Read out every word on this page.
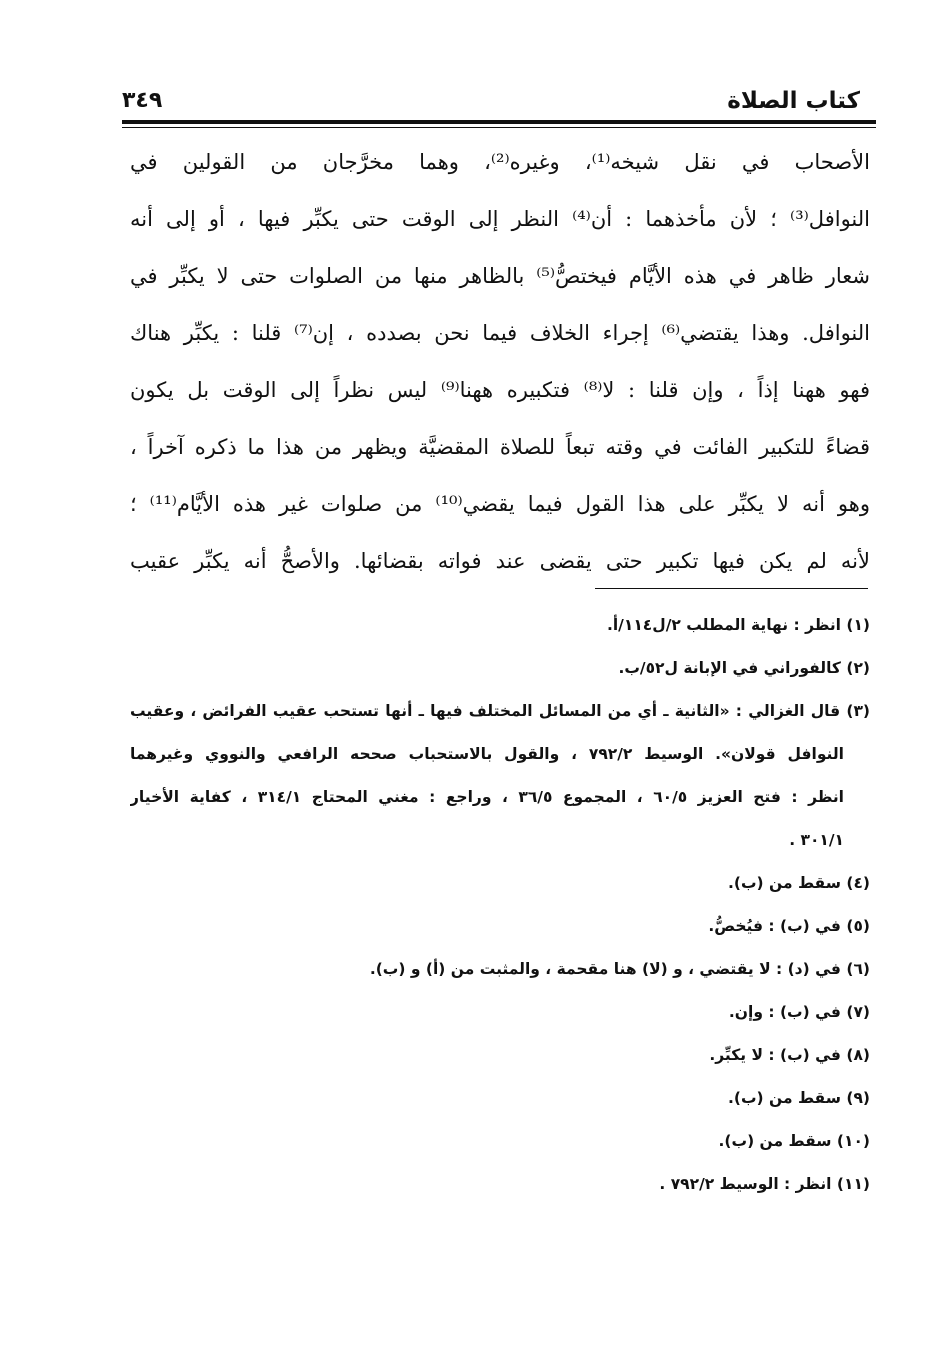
كتاب الصلاة
٣٤٩
الأصحاب في نقل شيخه⁽¹⁾، وغيره⁽²⁾، وهما مخرَّجان من القولين في
النوافل⁽³⁾ ؛ لأن مأخذهما : أن⁽⁴⁾ النظر إلى الوقت حتى يكبِّر فيها ، أو إلى أنه
شعار ظاهر في هذه الأيَّام فيختصُّ⁽⁵⁾ بالظاهر منها من الصلوات حتى لا يكبِّر في
النوافل. وهذا يقتضي⁽⁶⁾ إجراء الخلاف فيما نحن بصدده ، إن⁽⁷⁾ قلنا : يكبِّر هناك
فهو ههنا إذاً ، وإن قلنا : لا⁽⁸⁾ فتكبيره ههنا⁽⁹⁾ ليس نظراً إلى الوقت بل يكون
قضاءً للتكبير الفائت في وقته تبعاً للصلاة المقضيَّة ويظهر من هذا ما ذكره آخراً ،
وهو أنه لا يكبِّر على هذا القول فيما يقضي⁽¹⁰⁾ من صلوات غير هذه الأيَّام⁽¹¹⁾ ؛
لأنه لم يكن فيها تكبير حتى يقضى عند فواته بقضائها. والأصحُّ أنه يكبِّر عقيب
(١) انظر : نهاية المطلب ٢/ل١١٤/أ.
(٢) كالفوراني في الإبانة ل٥٢/ب.
(٣) قال الغزالي : «الثانية ـ أي من المسائل المختلف فيها ـ أنها تستحب عقيب الفرائض ، وعقيب
النوافل قولان». الوسيط ٧٩٢/٢ ، والقول بالاستحباب صححه الرافعي والنووي وغيرهما
انظر : فتح العزيز ٦٠/٥ ، المجموع ٣٦/٥ ، وراجع : مغني المحتاج ٣١٤/١ ، كفاية الأخيار
٣٠١/١ .
(٤) سقط من (ب).
(٥) في (ب) : فيُخصُّ.
(٦) في (د) : لا يقتضي ، و (لا) هنا مقحمة ، والمثبت من (أ) و (ب).
(٧) في (ب) : وإن.
(٨) في (ب) : لا يكبِّر.
(٩) سقط من (ب).
(١٠) سقط من (ب).
(١١) انظر : الوسيط ٧٩٢/٢ .
